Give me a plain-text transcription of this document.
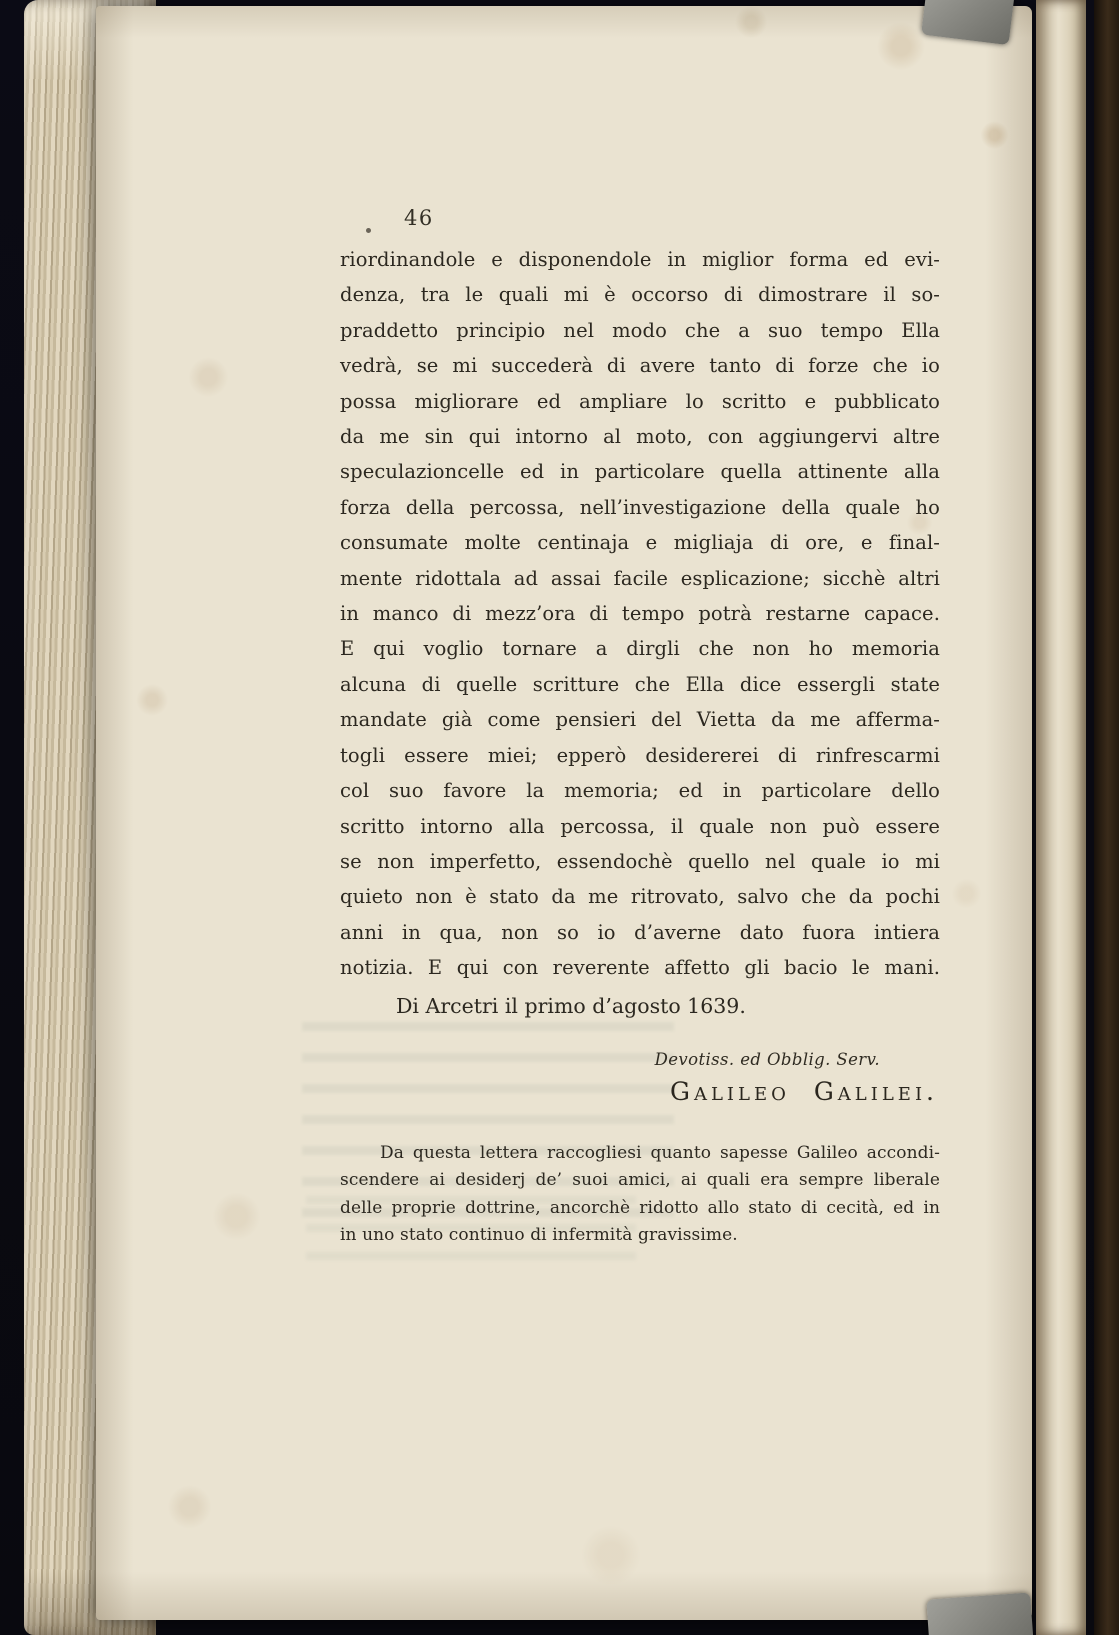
46
riordinandole e disponendole in miglior forma ed evi-
denza, tra le quali mi è occorso di dimostrare il so-
praddetto principio nel modo che a suo tempo Ella
vedrà, se mi succederà di avere tanto di forze che io
possa migliorare ed ampliare lo scritto e pubblicato
da me sin qui intorno al moto, con aggiungervi altre
speculazioncelle ed in particolare quella attinente alla
forza della percossa, nell’investigazione della quale ho
consumate molte centinaja e migliaja di ore, e final-
mente ridottala ad assai facile esplicazione; sicchè altri
in manco di mezz’ora di tempo potrà restarne capace.
E qui voglio tornare a dirgli che non ho memoria
alcuna di quelle scritture che Ella dice essergli state
mandate già come pensieri del Vietta da me afferma-
togli essere miei; epperò desidererei di rinfrescarmi
col suo favore la memoria; ed in particolare dello
scritto intorno alla percossa, il quale non può essere
se non imperfetto, essendochè quello nel quale io mi
quieto non è stato da me ritrovato, salvo che da pochi
anni in qua, non so io d’averne dato fuora intiera
notizia. E qui con reverente affetto gli bacio le mani.
Di Arcetri il primo d’agosto 1639.
Devotiss. ed Obblig. Serv.
Galileo Galilei.
Da questa lettera raccogliesi quanto sapesse Galileo accondi-
scendere ai desiderj de’ suoi amici, ai quali era sempre liberale
delle proprie dottrine, ancorchè ridotto allo stato di cecità, ed in
in uno stato continuo di infermità gravissime.
